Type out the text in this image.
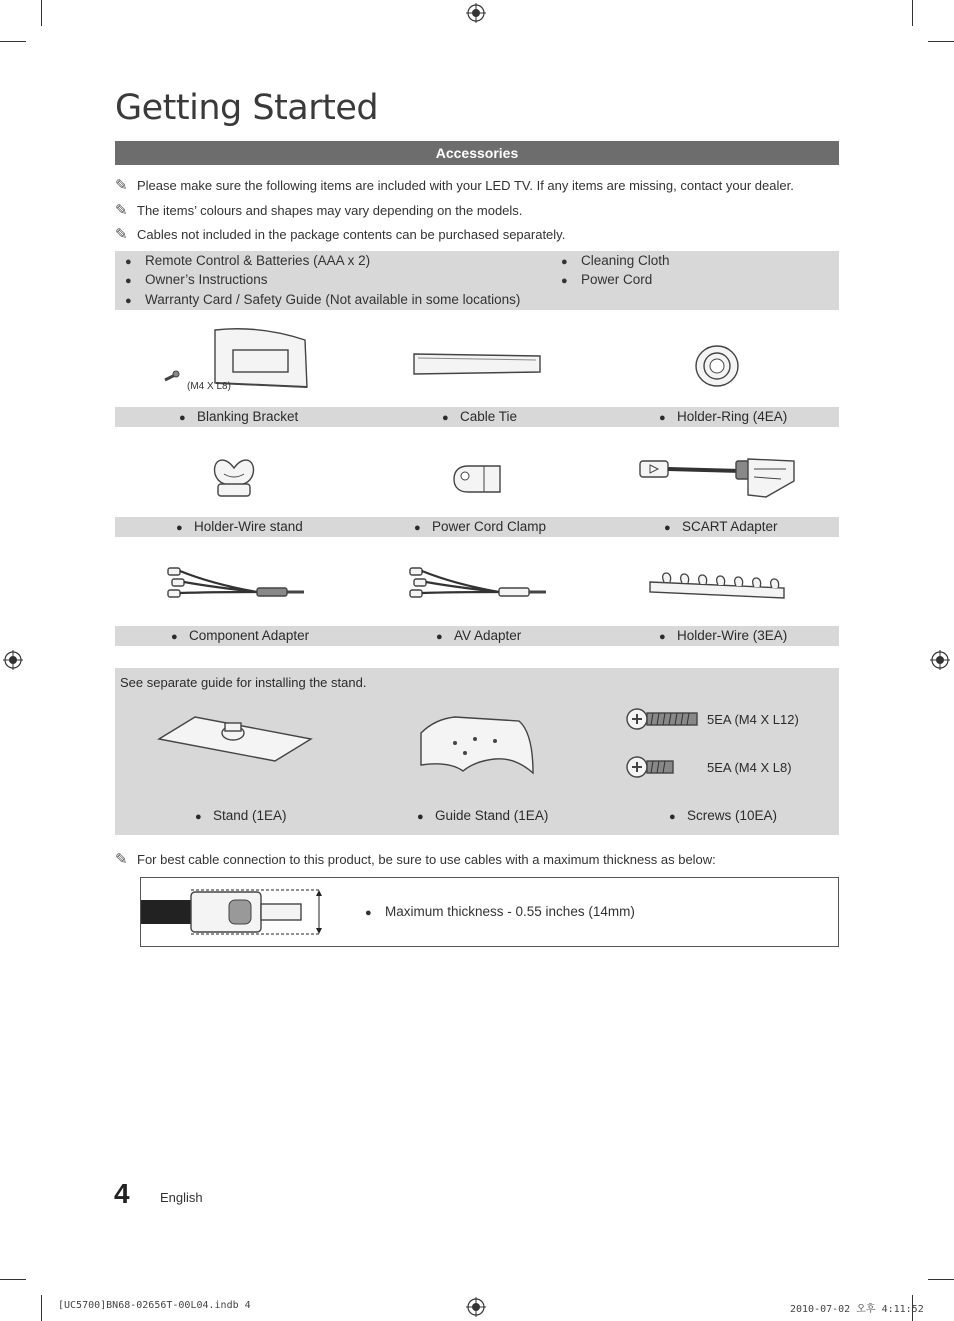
Getting Started
Accessories
✎ Please make sure the following items are included with your LED TV. If any items are missing, contact your dealer.
✎ The items’ colours and shapes may vary depending on the models.
✎ Cables not included in the package contents can be purchased separately.
● Remote Control & Batteries (AAA x 2)
● Owner’s Instructions
● Warranty Card / Safety Guide (Not available in some locations)
● Cleaning Cloth
● Power Cord
(M4 X L8)
● Blanking Bracket	● Cable Tie	● Holder-Ring (4EA)
● Holder-Wire stand	● Power Cord Clamp	● SCART Adapter
● Component Adapter	● AV Adapter	● Holder-Wire (3EA)
See separate guide for installing the stand.
5EA (M4 X L12)
5EA (M4 X L8)
● Stand (1EA)	● Guide Stand (1EA)	● Screws (10EA)
✎ For best cable connection to this product, be sure to use cables with a maximum thickness as below:
● Maximum thickness - 0.55 inches (14mm)
4 English
[UC5700]BN68-02656T-00L04.indb 4	2010-07-02 오후 4:11:52
